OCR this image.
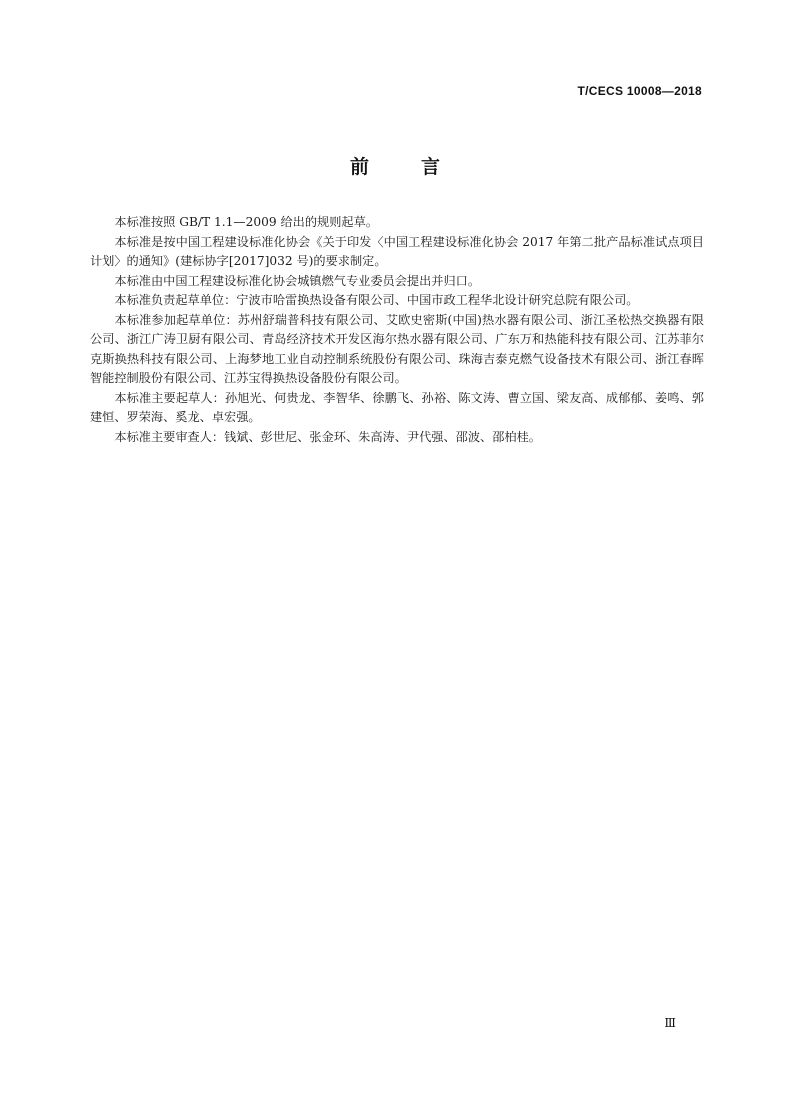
T/CECS 10008—2018
前	言

本标准按照 GB/T 1.1—2009 给出的规则起草。

本标准是按中国工程建设标准化协会《关于印发〈中国工程建设标准化协会 2017 年第二批产品标准试点项目计划〉的通知》(建标协字[2017]032 号)的要求制定。

本标准由中国工程建设标准化协会城镇燃气专业委员会提出并归口。

本标准负责起草单位：宁波市哈雷换热设备有限公司、中国市政工程华北设计研究总院有限公司。

本标准参加起草单位：苏州舒瑞普科技有限公司、艾欧史密斯(中国)热水器有限公司、浙江圣松热交换器有限公司、浙江广涛卫厨有限公司、青岛经济技术开发区海尔热水器有限公司、广东万和热能科技有限公司、江苏菲尔克斯换热科技有限公司、上海梦地工业自动控制系统股份有限公司、珠海吉泰克燃气设备技术有限公司、浙江春晖智能控制股份有限公司、江苏宝得换热设备股份有限公司。

本标准主要起草人：孙旭光、何贵龙、李智华、徐鹏飞、孙裕、陈文涛、曹立国、梁友高、成郁郁、姜鸣、郭建恒、罗荣海、奚龙、卓宏强。

本标准主要审查人：钱斌、彭世尼、张金环、朱高涛、尹代强、邵波、邵柏桂。

Ⅲ
